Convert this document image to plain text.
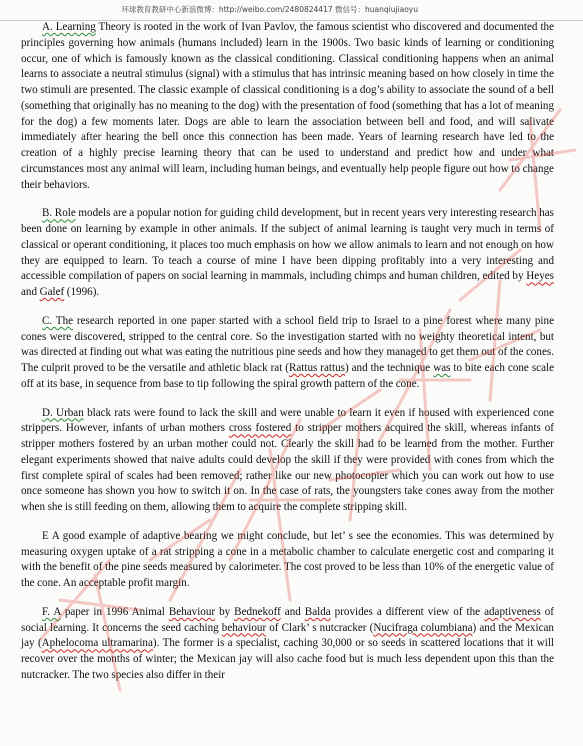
环球教育教研中心新浪微博：http://weibo.com/2480824417 微信号：huanqiujiaoyu

A. Learning Theory is rooted in the work of Ivan Pavlov, the famous scientist who discovered and documented the principles governing how animals (humans included) learn in the 1900s. Two basic kinds of learning or conditioning occur, one of which is famously known as the classical conditioning. Classical conditioning happens when an animal learns to associate a neutral stimulus (signal) with a stimulus that has intrinsic meaning based on how closely in time the two stimuli are presented. The classic example of classical conditioning is a dog’s ability to associate the sound of a bell (something that originally has no meaning to the dog) with the presentation of food (something that has a lot of meaning for the dog) a few moments later. Dogs are able to learn the association between bell and food, and will salivate immediately after hearing the bell once this connection has been made. Years of learning research have led to the creation of a highly precise learning theory that can be used to understand and predict how and under what circumstances most any animal will learn, including human beings, and eventually help people figure out how to change their behaviors.

B. Role models are a popular notion for guiding child development, but in recent years very interesting research has been done on learning by example in other animals. If the subject of animal learning is taught very much in terms of classical or operant conditioning, it places too much emphasis on how we allow animals to learn and not enough on how they are equipped to learn. To teach a course of mine I have been dipping profitably into a very interesting and accessible compilation of papers on social learning in mammals, including chimps and human children, edited by Heyes and Galef (1996).

C. The research reported in one paper started with a school field trip to Israel to a pine forest where many pine cones were discovered, stripped to the central core. So the investigation started with no weighty theoretical intent, but was directed at finding out what was eating the nutritious pine seeds and how they managed to get them out of the cones. The culprit proved to be the versatile and athletic black rat (Rattus rattus) and the technique was to bite each cone scale off at its base, in sequence from base to tip following the spiral growth pattern of the cone.

D. Urban black rats were found to lack the skill and were unable to learn it even if housed with experienced cone strippers. However, infants of urban mothers cross fostered to stripper mothers acquired the skill, whereas infants of stripper mothers fostered by an urban mother could not. Clearly the skill had to be learned from the mother. Further elegant experiments showed that naive adults could develop the skill if they were provided with cones from which the first complete spiral of scales had been removed; rather like our new photocopier which you can work out how to use once someone has shown you how to switch it on. In the case of rats, the youngsters take cones away from the mother when she is still feeding on them, allowing them to acquire the complete stripping skill.

E A good example of adaptive bearing we might conclude, but let’ s see the economies. This was determined by measuring oxygen uptake of a rat stripping a cone in a metabolic chamber to calculate energetic cost and comparing it with the benefit of the pine seeds measured by calorimeter. The cost proved to be less than 10% of the energetic value of the cone. An acceptable profit margin.

F. A paper in 1996 Animal Behaviour by Bednekoff and Balda provides a different view of the adaptiveness of social learning. It concerns the seed caching behaviour of Clark’ s nutcracker (Nucifraga columbiana) and the Mexican jay (Aphelocoma ultramarina). The former is a specialist, caching 30,000 or so seeds in scattered locations that it will recover over the months of winter; the Mexican jay will also cache food but is much less dependent upon this than the nutcracker. The two species also differ in their
